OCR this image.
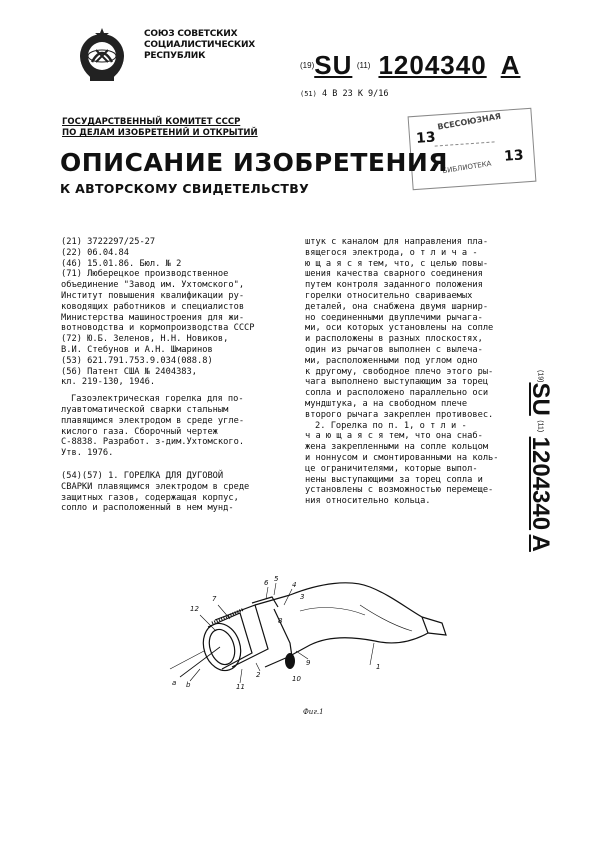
СОЮЗ СОВЕТСКИХ
СОЦИАЛИСТИЧЕСКИХ
РЕСПУБЛИК
(19)SU (11) 1204340 A
(51) 4 B 23 K 9/16
ГОСУДАРСТВЕННЫЙ КОМИТЕТ СССР
ПО ДЕЛАМ ИЗОБРЕТЕНИЙ И ОТКРЫТИЙ
ВСЕСОЮЗНАЯ
13
13
БИБЛИОТЕКА
ОПИСАНИЕ ИЗОБРЕТЕНИЯ
К АВТОРСКОМУ СВИДЕТЕЛЬСТВУ

(21) 3722297/25-27

(22) 06.04.84

(46) 15.01.86. Бюл. № 2

(71) Люберецкое производственное

объединение "Завод им. Ухтомского",

Институт повышения квалификации ру-

ководящих работников и специалистов

Министерства машиностроения для жи-

вотноводства и кормопроизводства СССР

(72) Ю.Б. Зеленов, Н.Н. Новиков,

В.И. Стебунов и А.Н. Шмаринов

(53) 621.791.753.9.034(088.8)

(56) Патент США № 2404383,

кл. 219-130, 1946.

Газоэлектрическая горелка для по-

луавтоматической сварки стальным

плавящимся электродом в среде угле-

кислого газа. Сборочный чертеж

С-8838. Разработ. з-дим.Ухтомского.

Утв. 1976.

(54)(57) 1. ГОРЕЛКА ДЛЯ ДУГОВОЙ

СВАРКИ плавящимся электродом в среде

защитных газов, содержащая корпус,

сопло и расположенный в нем мунд-

штук с каналом для направления пла-

вящегося электрода, о т л и ч а -

ю щ а я с я тем, что, с целью повы-

шения качества сварного соединения

путем контроля заданного положения

горелки относительно свариваемых

деталей, она снабжена двумя шарнир-

но соединенными двуплечими рычага-

ми, оси которых установлены на сопле

и расположены в разных плоскостях,

один из рычагов выполнен с вылеча-

ми, расположенными под углом одно

к другому, свободное плечо этого ры-

чага выполнено выступающим за торец

сопла и расположено параллельно оси

мундштука, а на свободном плече

второго рычага закреплен противовес.

2. Горелка по п. 1, о т л и -

ч а ю щ а я с я тем, что она снаб-

жена закрепленными на сопле кольцом

и ноннусом и смонтированными на коль-

це ограничителями, которые выпол-

нены выступающими за торец сопла и

установлены с возможностью перемеще-

ния относительно кольца.

(19)SU (11) 1204340 A
12
7
6 5
4
3
9
10
11
2
1
8
а b
Фиг.1
